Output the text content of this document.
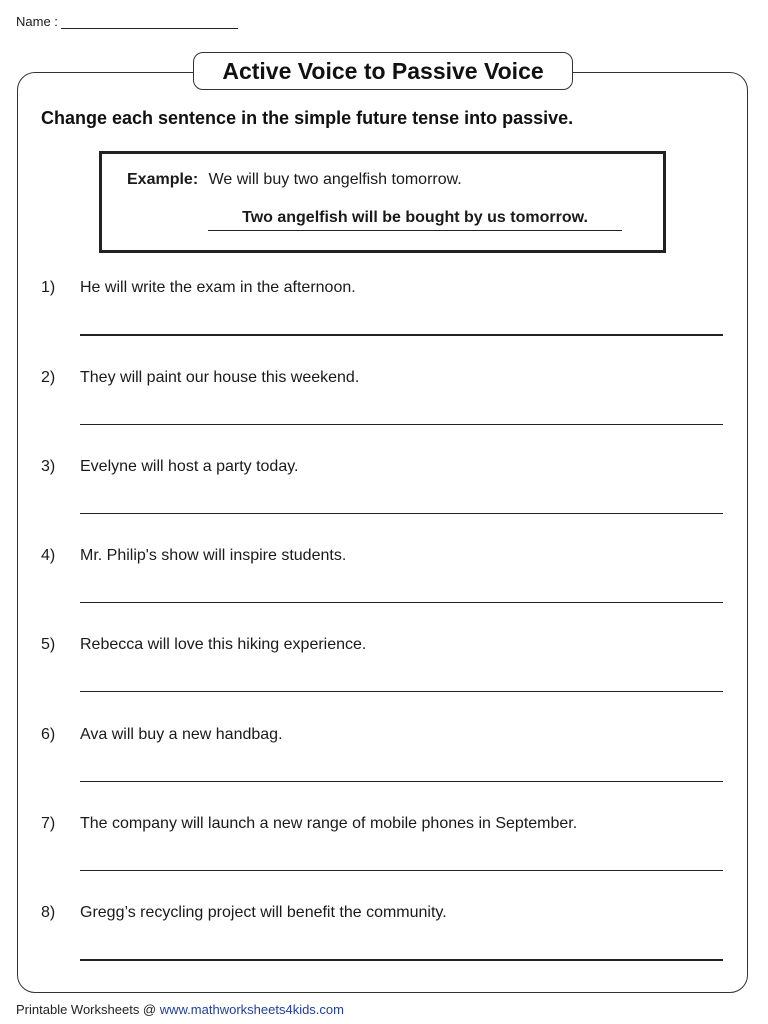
Name :
Active Voice to Passive Voice
Change each sentence in the simple future tense into passive.
Example: We will buy two angelfish tomorrow.
Two angelfish will be bought by us tomorrow.
1) He will write the exam in the afternoon.
2) They will paint our house this weekend.
3) Evelyne will host a party today.
4) Mr. Philip's show will inspire students.
5) Rebecca will love this hiking experience.
6) Ava will buy a new handbag.
7) The company will launch a new range of mobile phones in September.
8) Gregg’s recycling project will benefit the community.
Printable Worksheets @ www.mathworksheets4kids.com
